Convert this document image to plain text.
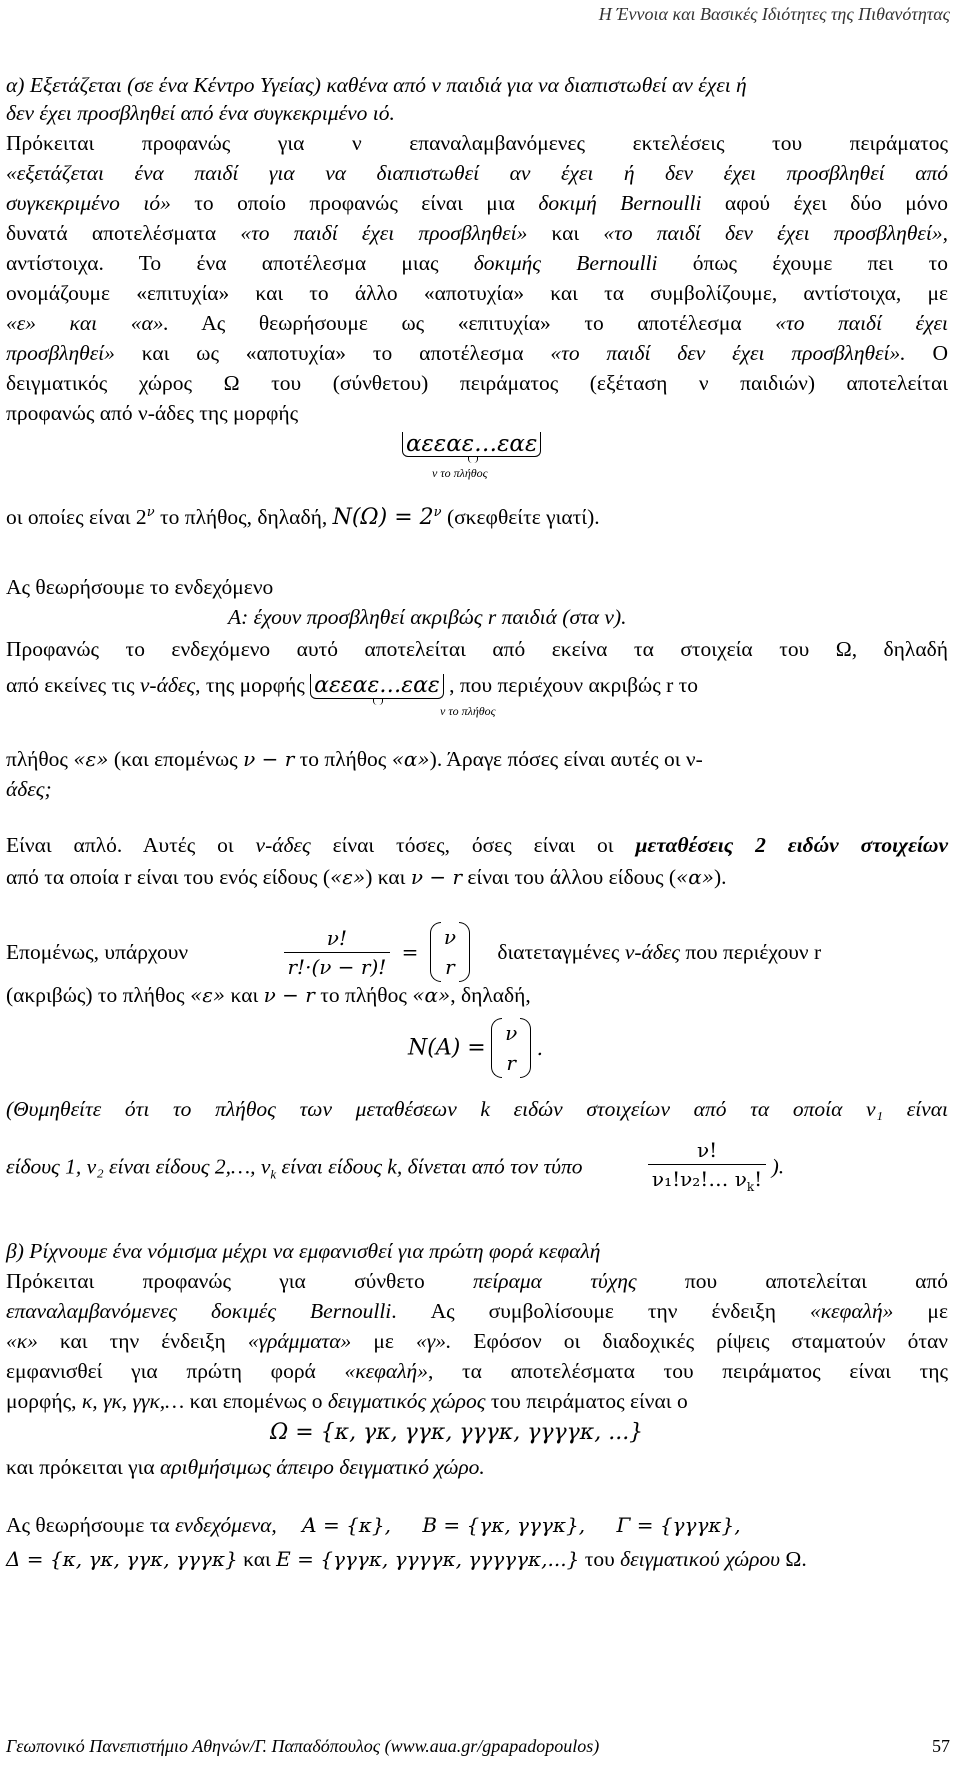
Η Έννοια και Βασικές Ιδιότητες της Πιθανότητας
α) Εξετάζεται (σε ένα Κέντρο Υγείας) καθένα από ν παιδιά για να διαπιστωθεί αν έχει ή
δεν έχει προσβληθεί από ένα συγκεκριμένο ιό.
Πρόκειται προφανώς για ν επαναλαμβανόμενες εκτελέσεις του πειράματος
«εξετάζεται ένα παιδί για να διαπιστωθεί αν έχει ή δεν έχει προσβληθεί από
συγκεκριμένο ιό» το οποίο προφανώς είναι μια δοκιμή Bernoulli αφού έχει δύο μόνο
δυνατά αποτελέσματα «το παιδί έχει προσβληθεί» και «το παιδί δεν έχει προσβληθεί»,
αντίστοιχα. Το ένα αποτέλεσμα μιας δοκιμής Bernoulli όπως έχουμε πει το
ονομάζουμε «επιτυχία» και το άλλο «αποτυχία» και τα συμβολίζουμε, αντίστοιχα, με
«ε» και «α». Ας θεωρήσουμε ως «επιτυχία» το αποτέλεσμα «το παιδί έχει
προσβληθεί» και ως «αποτυχία» το αποτέλεσμα «το παιδί δεν έχει προσβληθεί». Ο
δειγματικός χώρος Ω του (σύνθετου) πειράματος (εξέταση ν παιδιών) αποτελείται
προφανώς από ν-άδες της μορφής
αεεαε…εαε
ν το πλήθος
οι οποίες είναι $2^\nu$ το πλήθος, δηλαδή, $N(\Omega) = 2^\nu$ (σκεφθείτε γιατί).
Ας θεωρήσουμε το ενδεχόμενο
A: έχουν προσβληθεί ακριβώς r παιδιά (στα ν).
Προφανώς το ενδεχόμενο αυτό αποτελείται από εκείνα τα στοιχεία του Ω, δηλαδή
από εκείνες τις ν-άδες, της μορφής αεεαε…εαε , που περιέχουν ακριβώς r το
ν το πλήθος
πλήθος «ε» (και επομένως ν − r το πλήθος «α»). Άραγε πόσες είναι αυτές οι ν-
άδες;
Είναι απλό. Αυτές οι ν-άδες είναι τόσες, όσες είναι οι μεταθέσεις 2 ειδών στοιχείων
από τα οποία r είναι του ενός είδους («ε») και ν − r είναι του άλλου είδους («α»).
Επομένως, υπάρχουν	$\frac{\nu!}{r!\cdot(\nu - r)!}$ =
ν
r
διατεταγμένες ν-άδες που περιέχουν r
(ακριβώς) το πλήθος «ε» και ν − r το πλήθος «α», δηλαδή,
N(A) =
ν
r
.
(Θυμηθείτε ότι το πλήθος των μεταθέσεων k ειδών στοιχείων από τα οποία ν₁ είναι
είδους 1, ν₂ είναι είδους 2,…, $\nu_k$ είναι είδους k, δίνεται από τον τύπο	$\frac{\nu!}{\nu_1!\nu_2!\dots \nu_k!}$ ).
β) Ρίχνουμε ένα νόμισμα μέχρι να εμφανισθεί για πρώτη φορά κεφαλή
Πρόκειται προφανώς για σύνθετο πείραμα τύχης που αποτελείται από
επαναλαμβανόμενες δοκιμές Bernoulli. Ας συμβολίσουμε την ένδειξη «κεφαλή» με
«κ» και την ένδειξη «γράμματα» με «γ». Εφόσον οι διαδοχικές ρίψεις σταματούν όταν
εμφανισθεί για πρώτη φορά «κεφαλή», τα αποτελέσματα του πειράματος είναι της
μορφής, κ, γκ, γγκ,… και επομένως ο δειγματικός χώρος του πειράματος είναι ο
Ω = {κ, γκ, γγκ, γγγκ, γγγγκ, ...}
και πρόκειται για αριθμήσιμως άπειρο δειγματικό χώρο.
Ας θεωρήσουμε τα ενδεχόμενα, A = {κ}, B = {γκ, γγγκ}, Γ = {γγγκ},
Δ = {κ, γκ, γγκ, γγγκ} και E = {γγγκ, γγγγκ, γγγγγκ,...} του δειγματικού χώρου Ω.
Γεωπονικό Πανεπιστήμιο Αθηνών/Γ. Παπαδόπουλος (www.aua.gr/gpapadopoulos)	57
